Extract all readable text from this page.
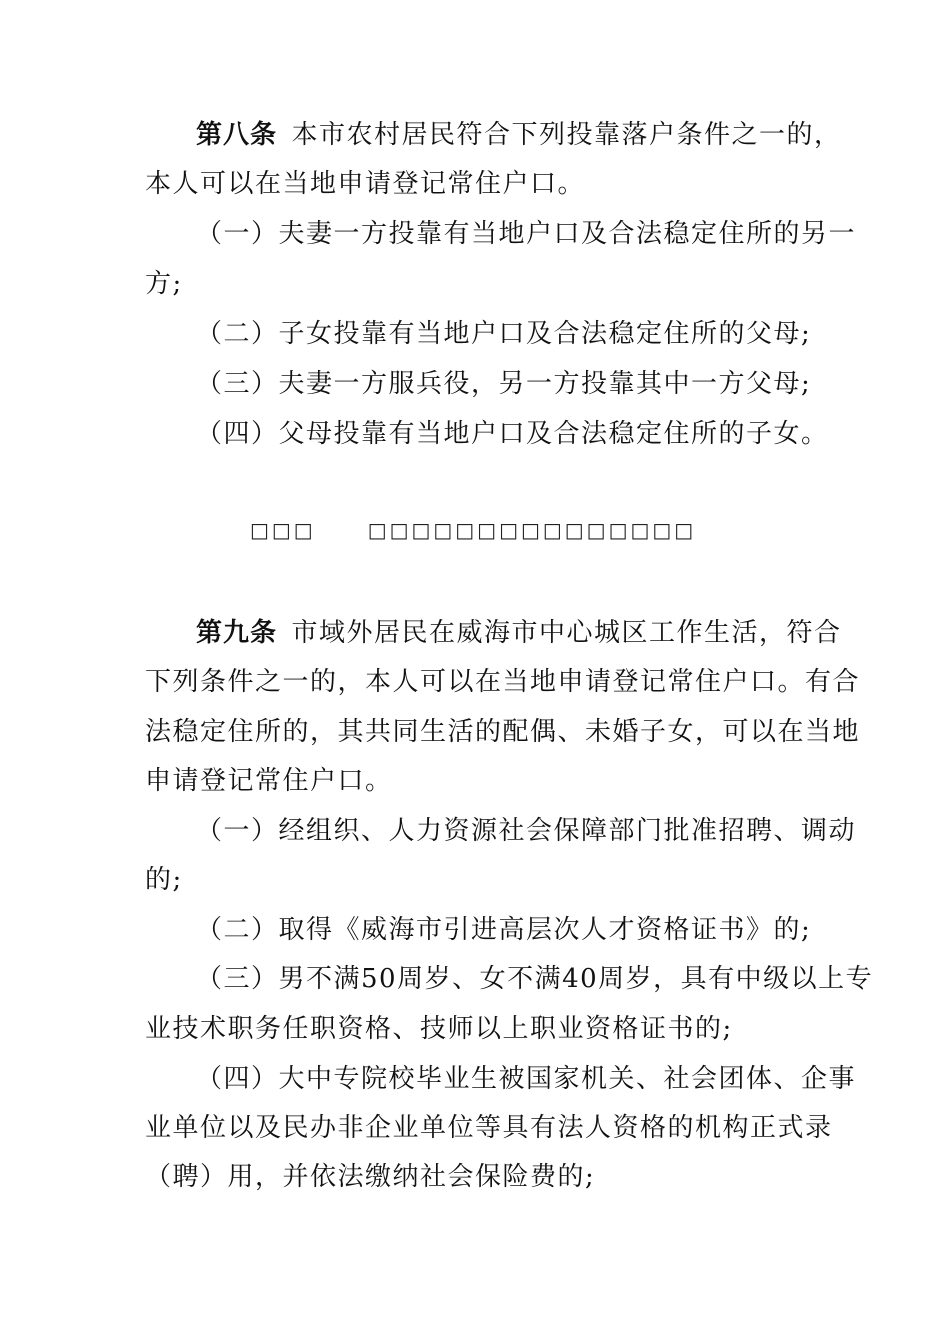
第八条  本市农村居民符合下列投靠落户条件之一的，
本人可以在当地申请登记常住户口。
（一）夫妻一方投靠有当地户口及合法稳定住所的另一
方;
（二）子女投靠有当地户口及合法稳定住所的父母;
（三）夫妻一方服兵役，另一方投靠其中一方父母;
（四）父母投靠有当地户口及合法稳定住所的子女。
□□□	□□□□□□□□□□□□□□□
第九条  市域外居民在威海市中心城区工作生活，符合
下列条件之一的，本人可以在当地申请登记常住户口。有合
法稳定住所的，其共同生活的配偶、未婚子女，可以在当地
申请登记常住户口。
（一）经组织、人力资源社会保障部门批准招聘、调动
的;
（二）取得《威海市引进高层次人才资格证书》的;
（三）男不满50周岁、女不满40周岁，具有中级以上专
业技术职务任职资格、技师以上职业资格证书的;
（四）大中专院校毕业生被国家机关、社会团体、企事
业单位以及民办非企业单位等具有法人资格的机构正式录
（聘）用，并依法缴纳社会保险费的;
